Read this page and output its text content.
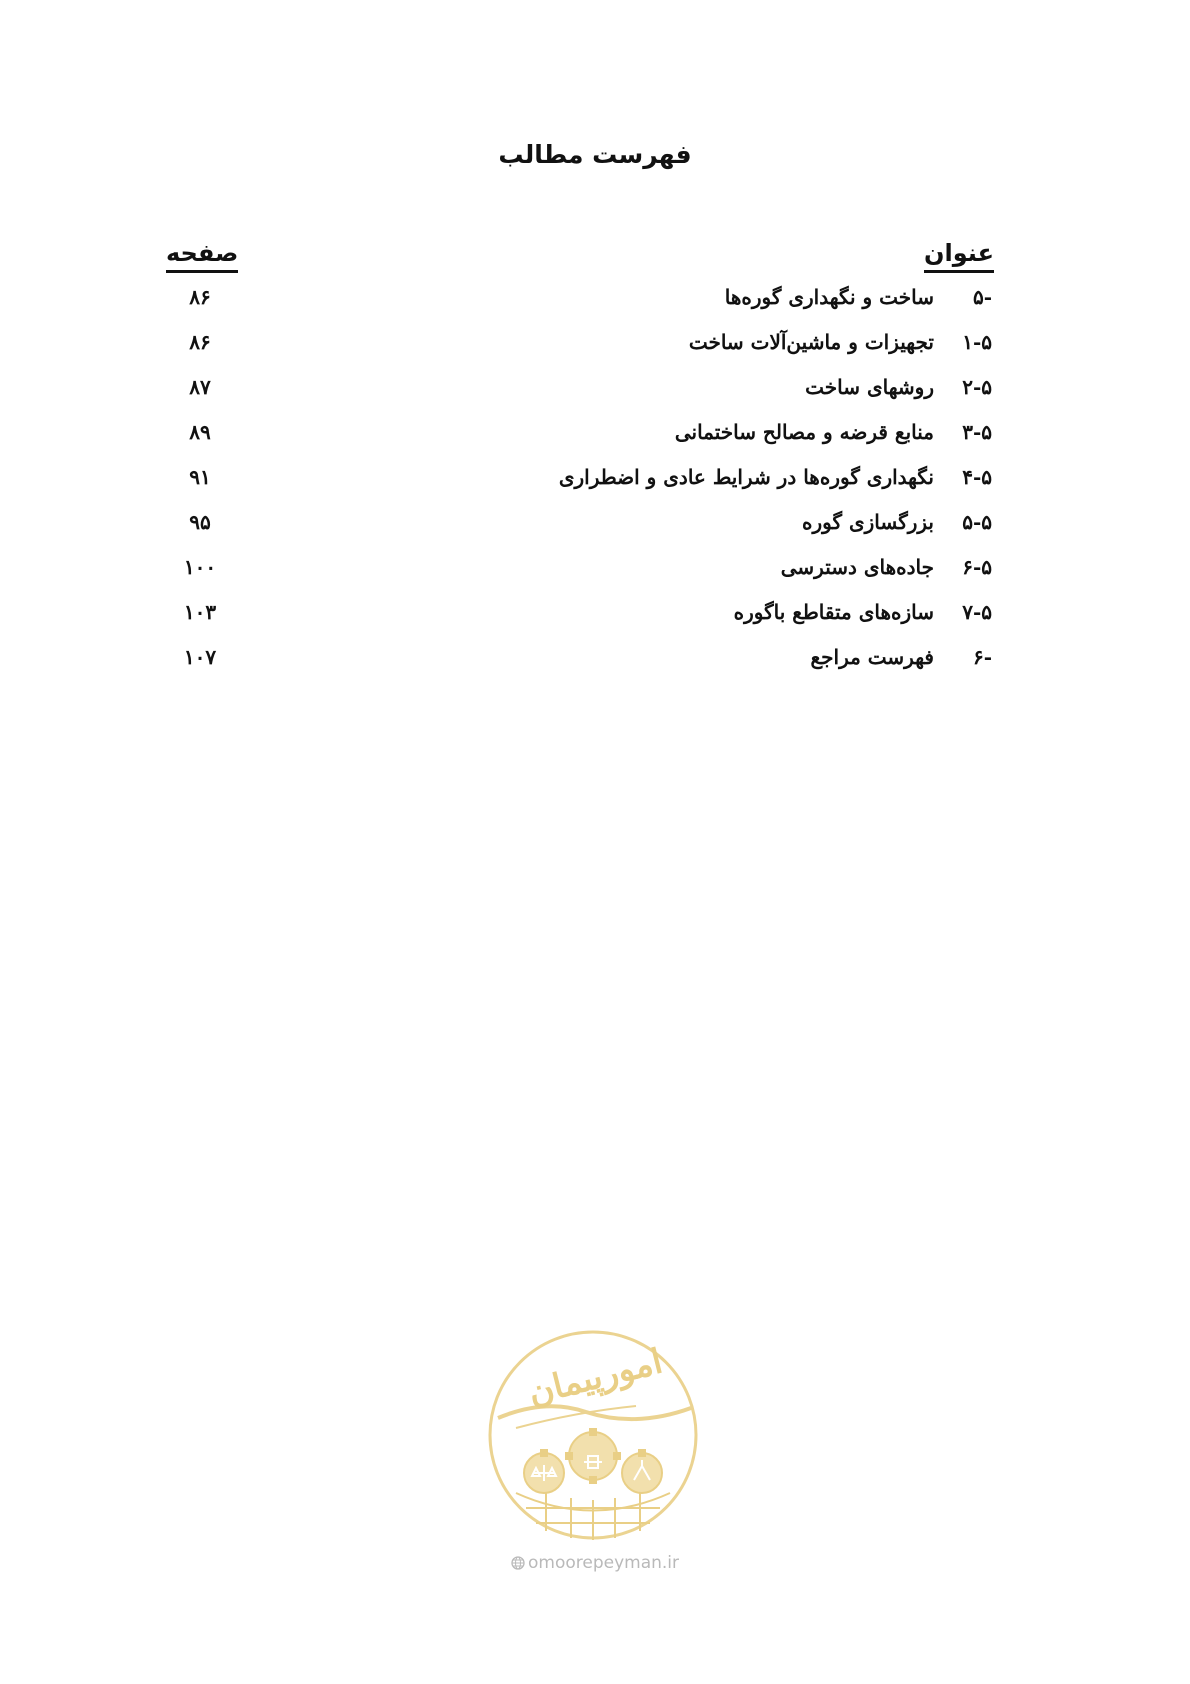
فهرست مطالب
عنوان
صفحه
-۵
ساخت و نگهداری گوره‌ها
۸۶
۱-۵
تجهیزات و ماشین‌آلات ساخت
۸۶
۲-۵
روشهای ساخت
۸۷
۳-۵
منابع قرضه و مصالح ساختمانی
۸۹
۴-۵
نگهداری گوره‌ها در شرایط عادی و اضطراری
۹۱
۵-۵
بزرگسازی گوره
۹۵
۶-۵
جاده‌های دسترسی
۱۰۰
۷-۵
سازه‌های متقاطع باگوره
۱۰۳
-۶
فهرست مراجع
۱۰۷
امورپیمان
omoorepeyman.ir
